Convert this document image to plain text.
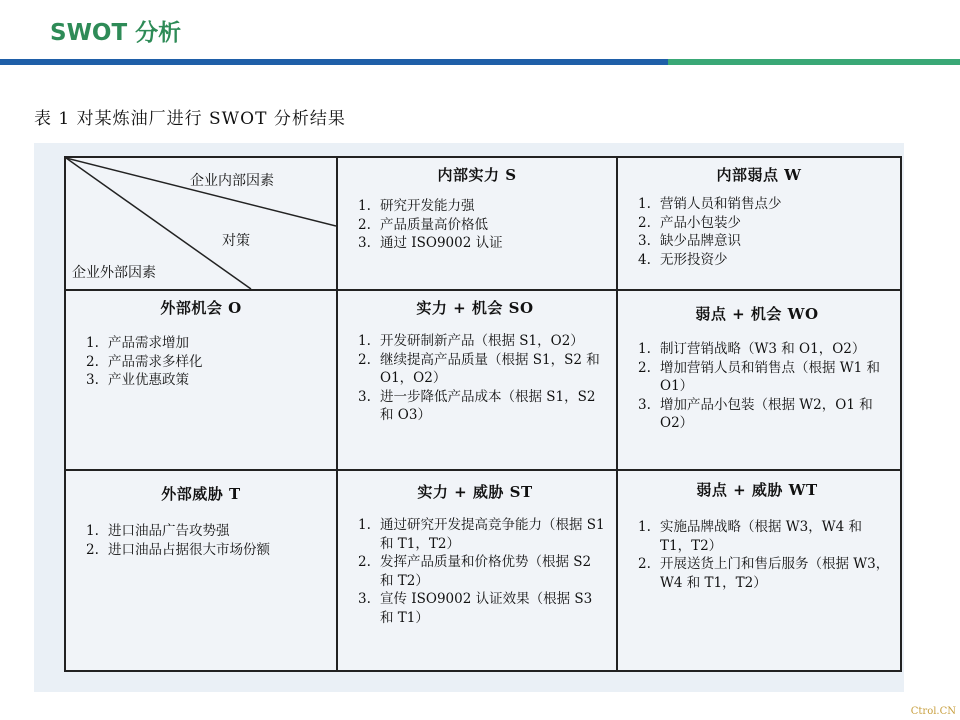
SWOT 分析
表 1 对某炼油厂进行 SWOT 分析结果
企业内部因素
对策
企业外部因素
内部实力 S
1. 研究开发能力强
2. 产品质量高价格低
3. 通过 ISO9002 认证
内部弱点 W
1. 营销人员和销售点少
2. 产品小包装少
3. 缺少品牌意识
4. 无形投资少
外部机会 O
1. 产品需求增加
2. 产品需求多样化
3. 产业优惠政策
实力 + 机会 SO
1. 开发研制新产品（根据 S1，O2）
2. 继续提高产品质量（根据 S1，S2 和 O1，O2）
3. 进一步降低产品成本（根据 S1，S2 和 O3）
弱点 + 机会 WO
1. 制订营销战略（W3 和 O1，O2）
2. 增加营销人员和销售点（根据 W1 和 O1）
3. 增加产品小包装（根据 W2，O1 和 O2）
外部威胁 T
1. 进口油品广告攻势强
2. 进口油品占据很大市场份额
实力 + 威胁 ST
1. 通过研究开发提高竞争能力（根据 S1 和 T1，T2）
2. 发挥产品质量和价格优势（根据 S2 和 T2）
3. 宣传 ISO9002 认证效果（根据 S3 和 T1）
弱点 + 威胁 WT
1. 实施品牌战略（根据 W3，W4 和 T1，T2）
2. 开展送货上门和售后服务（根据 W3，W4 和 T1，T2）
Ctrol.CN
